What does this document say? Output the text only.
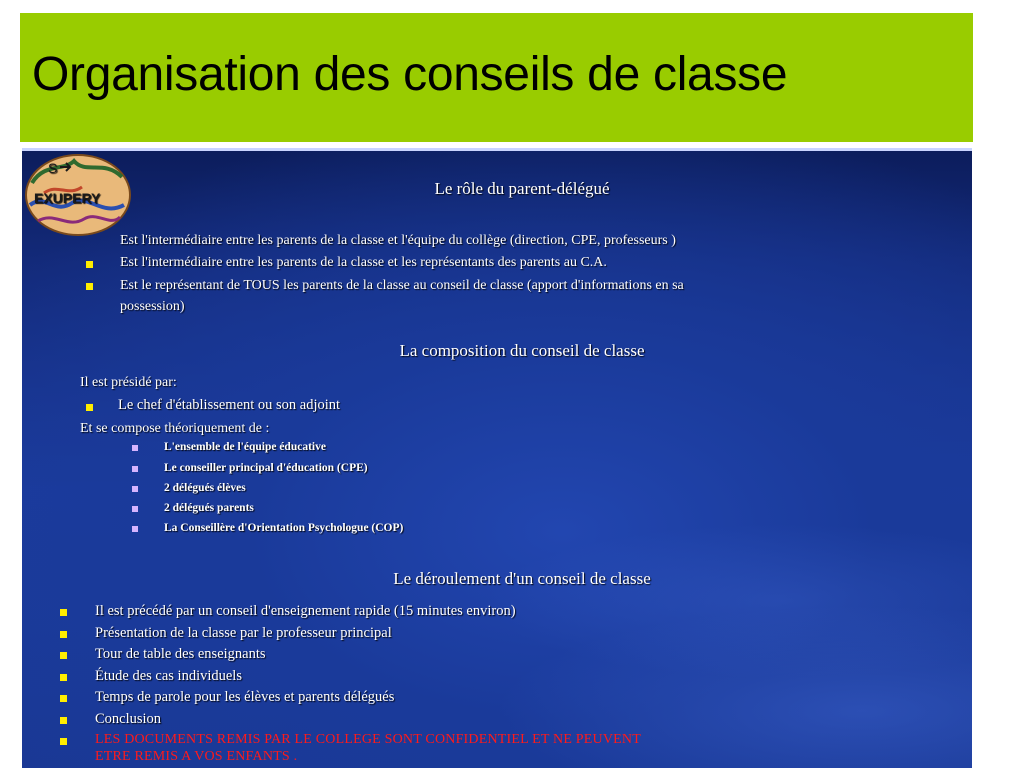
Organisation des conseils de classe
S
EXUPERY	Le rôle du parent-délégué
Est l'intermédiaire entre les parents de la classe et l'équipe du collège (direction, CPE, professeurs )
Est l'intermédiaire entre les parents de la classe et les représentants des parents au C.A.
Est le représentant de TOUS les parents de la classe au conseil de classe (apport d'informations en sa
possession)
La composition du conseil de classe
Il est présidé par:
Le chef d'établissement ou son adjoint
Et se compose théoriquement de :
L'ensemble de l'équipe éducative
Le conseiller principal d'éducation (CPE)
2 délégués élèves
2 délégués parents
La Conseillère d'Orientation Psychologue (COP)
Le déroulement d'un conseil de classe
Il est précédé par un conseil d'enseignement rapide (15 minutes environ)
Présentation de la classe par le professeur principal
Tour de table des enseignants
Étude des cas individuels
Temps de parole pour les élèves et parents délégués
Conclusion
LES DOCUMENTS REMIS PAR LE COLLEGE SONT CONFIDENTIEL ET NE PEUVENT
ETRE REMIS A VOS ENFANTS .
